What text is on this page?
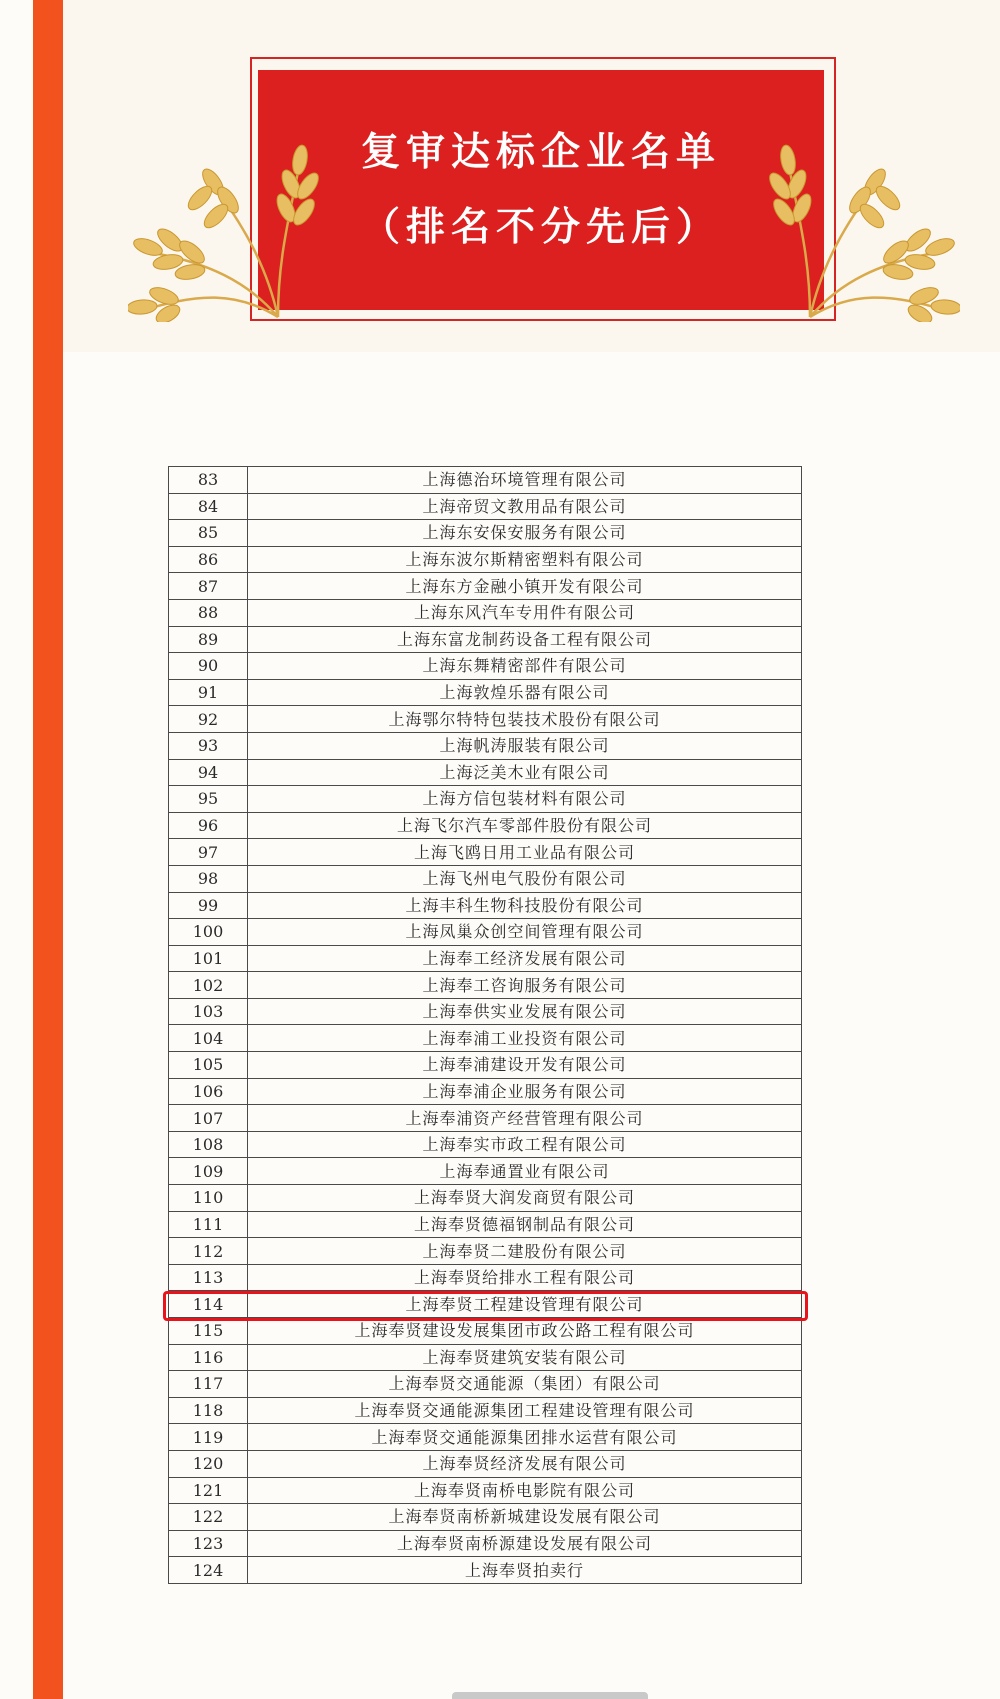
复审达标企业名单
（排名不分先后）
83	上海德治环境管理有限公司
84	上海帝贸文教用品有限公司
85	上海东安保安服务有限公司
86	上海东波尔斯精密塑料有限公司
87	上海东方金融小镇开发有限公司
88	上海东风汽车专用件有限公司
89	上海东富龙制药设备工程有限公司
90	上海东舞精密部件有限公司
91	上海敦煌乐器有限公司
92	上海鄂尔特特包装技术股份有限公司
93	上海帆涛服装有限公司
94	上海泛美木业有限公司
95	上海方信包装材料有限公司
96	上海飞尔汽车零部件股份有限公司
97	上海飞鸥日用工业品有限公司
98	上海飞州电气股份有限公司
99	上海丰科生物科技股份有限公司
100	上海凤巢众创空间管理有限公司
101	上海奉工经济发展有限公司
102	上海奉工咨询服务有限公司
103	上海奉供实业发展有限公司
104	上海奉浦工业投资有限公司
105	上海奉浦建设开发有限公司
106	上海奉浦企业服务有限公司
107	上海奉浦资产经营管理有限公司
108	上海奉实市政工程有限公司
109	上海奉通置业有限公司
110	上海奉贤大润发商贸有限公司
111	上海奉贤德福钢制品有限公司
112	上海奉贤二建股份有限公司
113	上海奉贤给排水工程有限公司
114	上海奉贤工程建设管理有限公司
115	上海奉贤建设发展集团市政公路工程有限公司
116	上海奉贤建筑安装有限公司
117	上海奉贤交通能源（集团）有限公司
118	上海奉贤交通能源集团工程建设管理有限公司
119	上海奉贤交通能源集团排水运营有限公司
120	上海奉贤经济发展有限公司
121	上海奉贤南桥电影院有限公司
122	上海奉贤南桥新城建设发展有限公司
123	上海奉贤南桥源建设发展有限公司
124	上海奉贤拍卖行
